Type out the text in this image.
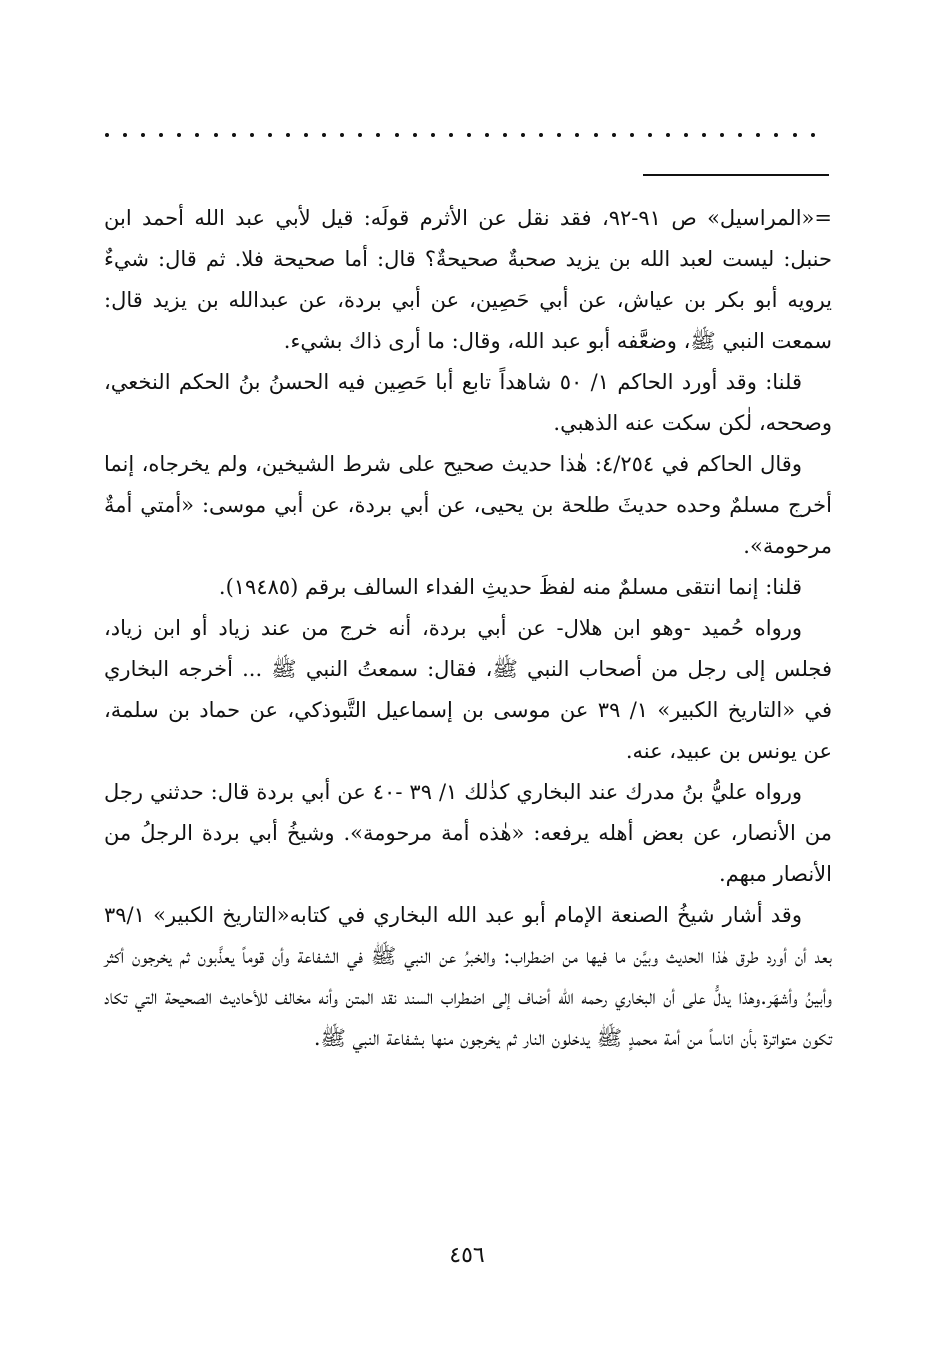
=«المراسيل» ص ٩١-٩٢، فقد نقل عن الأثرم قولَه: قيل لأبي عبد الله أحمد ابن حنبل: ليست لعبد الله بن يزيد صحبةٌ صحيحةٌ؟ قال: أما صحيحة فلا. ثم قال: شيءٌ يرويه أبو بكر بن عياش، عن أبي حَصِين، عن أبي بردة، عن عبدالله بن يزيد قال: سمعت النبي ﷺ، وضعَّفه أبو عبد الله، وقال: ما أرى ذاك بشيء.

قلنا: وقد أورد الحاكم ١/ ٥٠ شاهداً تابع أبا حَصِين فيه الحسنُ بنُ الحكم النخعي، وصححه، لٰكن سكت عنه الذهبي.

وقال الحاكم في ٤/٢٥٤: هٰذا حديث صحيح على شرط الشيخين، ولم يخرجاه، إنما أخرج مسلمٌ وحده حديثَ طلحة بن يحيى، عن أبي بردة، عن أبي موسى: «أمتي أمةٌ مرحومة».

قلنا: إنما انتقى مسلمٌ منه لفظَ حديثِ الفداء السالف برقم (١٩٤٨٥).

ورواه حُميد -وهو ابن هلال- عن أبي بردة، أنه خرج من عند زياد أو ابن زياد، فجلس إلى رجل من أصحاب النبي ﷺ، فقال: سمعتُ النبي ﷺ ... أخرجه البخاري في «التاريخ الكبير» ١/ ٣٩ عن موسى بن إسماعيل التَّبوذكي، عن حماد بن سلمة، عن يونس بن عبيد، عنه.

ورواه عليُّ بنُ مدرك عند البخاري كذٰلك ١/ ٣٩ -٤٠ عن أبي بردة قال: حدثني رجل من الأنصار، عن بعض أهله يرفعه: «هٰذه أمة مرحومة». وشيخُ أبي بردة الرجلُ من الأنصار مبهم.

وقد أشار شيخُ الصنعة الإمام أبو عبد الله البخاري في كتابه«التاريخ الكبير» ٣٩/١ بعد أن أورد طرق هٰذا الحديث وبيَّن ما فيها من اضطراب: والخبرُ عن النبي ﷺ في الشفاعة وأن قوماً يعذَّبون ثم يخرجون أكثر وأبينُ وأشهَر.وهذا يدلُّ على أن البخاري رحمه الله أضاف إلى اضطراب السند نقد المتن وأنه مخالف للأحاديث الصحيحة التي تكاد تكون متواترة بأن اناساً من أمة محمدٍ ﷺ يدخلون النار ثم يخرجون منها بشفاعة النبي ﷺ.

٤٥٦
